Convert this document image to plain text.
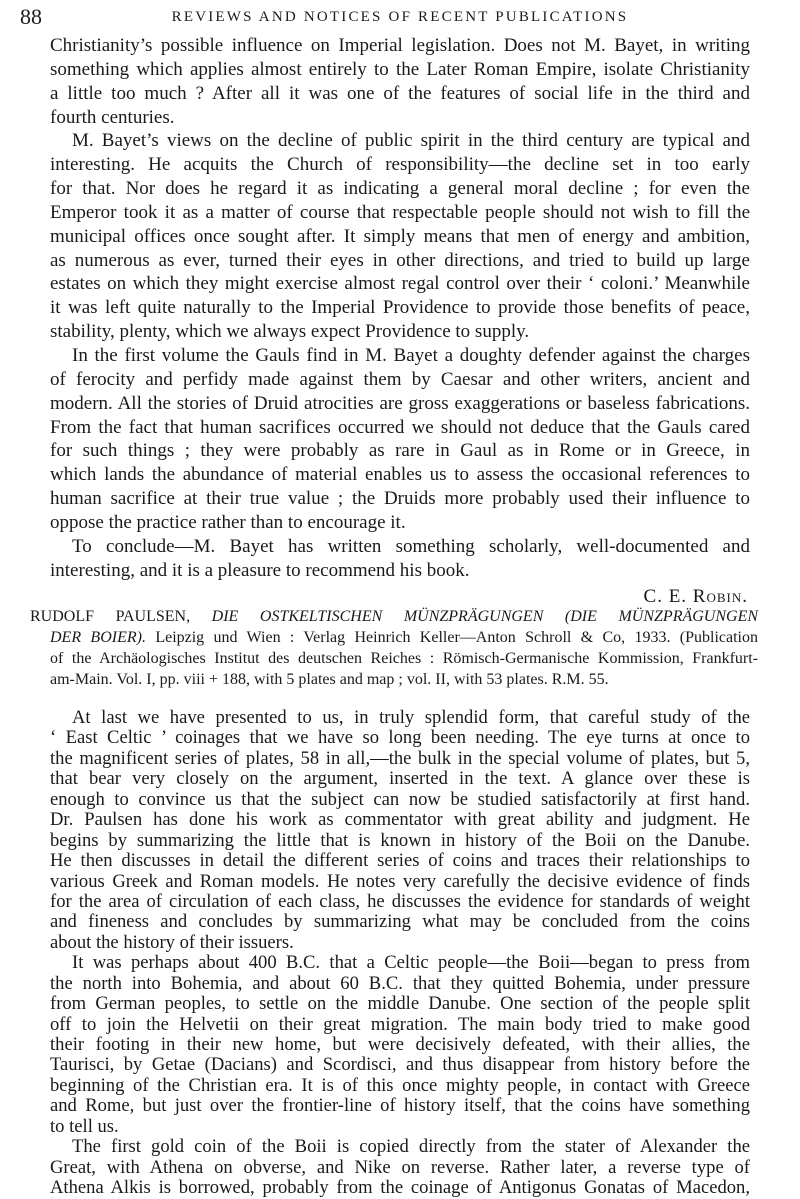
88	REVIEWS AND NOTICES OF RECENT PUBLICATIONS
Christianity’s possible influence on Imperial legislation. Does not M. Bayet, in writing
something which applies almost entirely to the Later Roman Empire, isolate Christianity
a little too much ? After all it was one of the features of social life in the third and
fourth centuries.
M. Bayet’s views on the decline of public spirit in the third century are typical and
interesting. He acquits the Church of responsibility—the decline set in too early
for that. Nor does he regard it as indicating a general moral decline ; for even the
Emperor took it as a matter of course that respectable people should not wish to fill the
municipal offices once sought after. It simply means that men of energy and ambition,
as numerous as ever, turned their eyes in other directions, and tried to build up large
estates on which they might exercise almost regal control over their ‘ coloni.’ Meanwhile
it was left quite naturally to the Imperial Providence to provide those benefits of peace,
stability, plenty, which we always expect Providence to supply.
In the first volume the Gauls find in M. Bayet a doughty defender against the charges
of ferocity and perfidy made against them by Caesar and other writers, ancient and
modern. All the stories of Druid atrocities are gross exaggerations or baseless fabrications.
From the fact that human sacrifices occurred we should not deduce that the Gauls cared
for such things ; they were probably as rare in Gaul as in Rome or in Greece, in
which lands the abundance of material enables us to assess the occasional references to
human sacrifice at their true value ; the Druids more probably used their influence to
oppose the practice rather than to encourage it.
To conclude—M. Bayet has written something scholarly, well-documented and
interesting, and it is a pleasure to recommend his book.
C. E. Robin.
RUDOLF PAULSEN, DIE OSTKELTISCHEN MÜNZPRÄGUNGEN (DIE MÜNZPRÄGUNGEN
DER BOIER). Leipzig und Wien : Verlag Heinrich Keller—Anton Schroll & Co, 1933. (Publication
of the Archäologisches Institut des deutschen Reiches : Römisch-Germanische Kommission, Frankfurt-
am-Main. Vol. I, pp. viii + 188, with 5 plates and map ; vol. II, with 53 plates. R.M. 55.
At last we have presented to us, in truly splendid form, that careful study of the
‘ East Celtic ’ coinages that we have so long been needing. The eye turns at once to
the magnificent series of plates, 58 in all,—the bulk in the special volume of plates, but 5,
that bear very closely on the argument, inserted in the text. A glance over these is
enough to convince us that the subject can now be studied satisfactorily at first hand.
Dr. Paulsen has done his work as commentator with great ability and judgment. He
begins by summarizing the little that is known in history of the Boii on the Danube.
He then discusses in detail the different series of coins and traces their relationships to
various Greek and Roman models. He notes very carefully the decisive evidence of finds
for the area of circulation of each class, he discusses the evidence for standards of weight
and fineness and concludes by summarizing what may be concluded from the coins
about the history of their issuers.
It was perhaps about 400 B.C. that a Celtic people—the Boii—began to press from
the north into Bohemia, and about 60 B.C. that they quitted Bohemia, under pressure
from German peoples, to settle on the middle Danube. One section of the people split
off to join the Helvetii on their great migration. The main body tried to make good
their footing in their new home, but were decisively defeated, with their allies, the
Taurisci, by Getae (Dacians) and Scordisci, and thus disappear from history before the
beginning of the Christian era. It is of this once mighty people, in contact with Greece
and Rome, but just over the frontier-line of history itself, that the coins have something
to tell us.
The first gold coin of the Boii is copied directly from the stater of Alexander the
Great, with Athena on obverse, and Nike on reverse. Rather later, a reverse type of
Athena Alkis is borrowed, probably from the coinage of Antigonus Gonatas of Macedon,
